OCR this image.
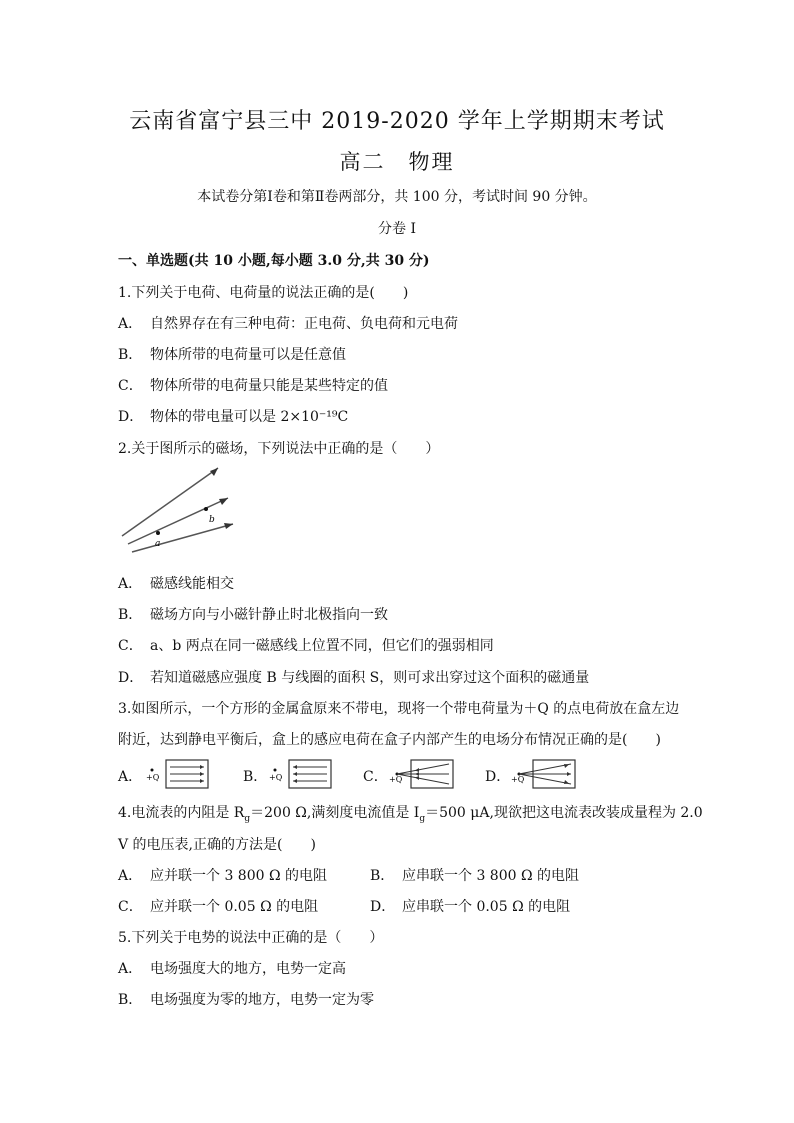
云南省富宁县三中 2019-2020 学年上学期期末考试
高二　物理
本试卷分第Ⅰ卷和第Ⅱ卷两部分，共 100 分，考试时间 90 分钟。
分卷 I
一、单选题(共 10 小题,每小题 3.0 分,共 30 分)
1.下列关于电荷、电荷量的说法正确的是(　　)
A． 自然界存在有三种电荷：正电荷、负电荷和元电荷
B． 物体所带的电荷量可以是任意值
C． 物体所带的电荷量只能是某些特定的值
D． 物体的带电量可以是 2×10⁻¹⁹C
2.关于图所示的磁场，下列说法中正确的是（　　）
a
b
A． 磁感线能相交
B． 磁场方向与小磁针静止时北极指向一致
C． a、b 两点在同一磁感线上位置不同，但它们的强弱相同
D． 若知道磁感应强度 B 与线圈的面积 S，则可求出穿过这个面积的磁通量
3.如图所示，一个方形的金属盒原来不带电，现将一个带电荷量为＋Q 的点电荷放在盒左边
附近，达到静电平衡后，盒上的感应电荷在盒子内部产生的电场分布情况正确的是(　　)
A． +Q	B． +Q	C． +Q	D． +Q
4.电流表的内阻是 $R_g=200$ Ω,满刻度电流值是 $I_g=500$ μA,现欲把这电流表改装成量程为 2.0
V 的电压表,正确的方法是(　　)
A． 应并联一个 3 800 Ω 的电阻	B． 应串联一个 3 800 Ω 的电阻
C． 应并联一个 0.05 Ω 的电阻	D． 应串联一个 0.05 Ω 的电阻
5.下列关于电势的说法中正确的是（　　）
A． 电场强度大的地方，电势一定高
B． 电场强度为零的地方，电势一定为零
